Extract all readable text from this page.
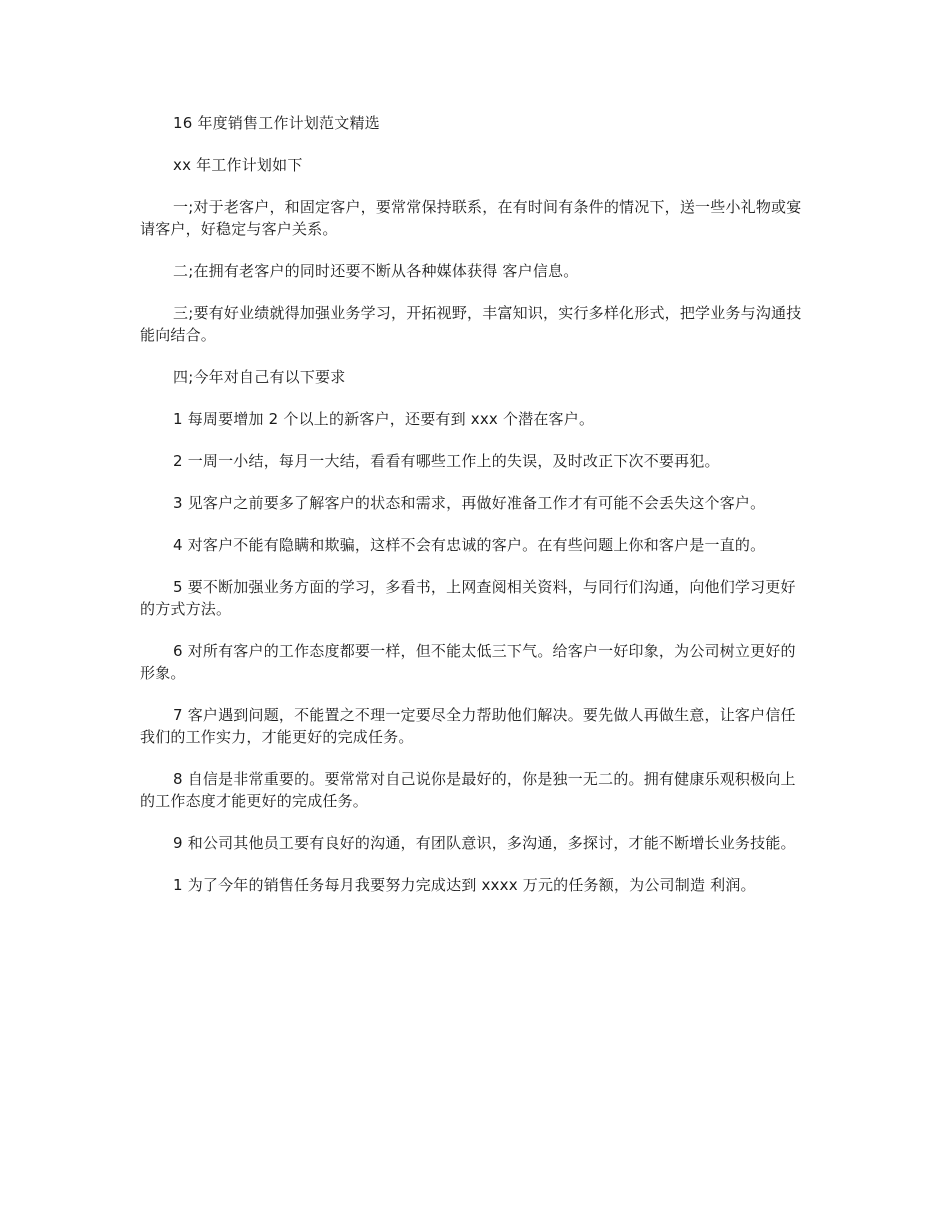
16 年度销售工作计划范文精选

xx 年工作计划如下

一;对于老客户，和固定客户，要常常保持联系，在有时间有条件的情况下，送一些小礼物或宴请客户，好稳定与客户关系。

二;在拥有老客户的同时还要不断从各种媒体获得 客户信息。

三;要有好业绩就得加强业务学习，开拓视野，丰富知识，实行多样化形式，把学业务与沟通技能向结合。

四;今年对自己有以下要求

1 每周要增加 2 个以上的新客户，还要有到 xxx 个潜在客户。

2 一周一小结，每月一大结，看看有哪些工作上的失误，及时改正下次不要再犯。

3 见客户之前要多了解客户的状态和需求，再做好准备工作才有可能不会丢失这个客户。

4 对客户不能有隐瞒和欺骗，这样不会有忠诚的客户。在有些问题上你和客户是一直的。

5 要不断加强业务方面的学习，多看书，上网查阅相关资料，与同行们沟通，向他们学习更好的方式方法。

6 对所有客户的工作态度都要一样，但不能太低三下气。给客户一好印象，为公司树立更好的形象。

7 客户遇到问题，不能置之不理一定要尽全力帮助他们解决。要先做人再做生意，让客户信任我们的工作实力，才能更好的完成任务。

8 自信是非常重要的。要常常对自己说你是最好的，你是独一无二的。拥有健康乐观积极向上的工作态度才能更好的完成任务。

9 和公司其他员工要有良好的沟通，有团队意识，多沟通，多探讨，才能不断增长业务技能。

1 为了今年的销售任务每月我要努力完成达到 xxxx 万元的任务额，为公司制造 利润。
